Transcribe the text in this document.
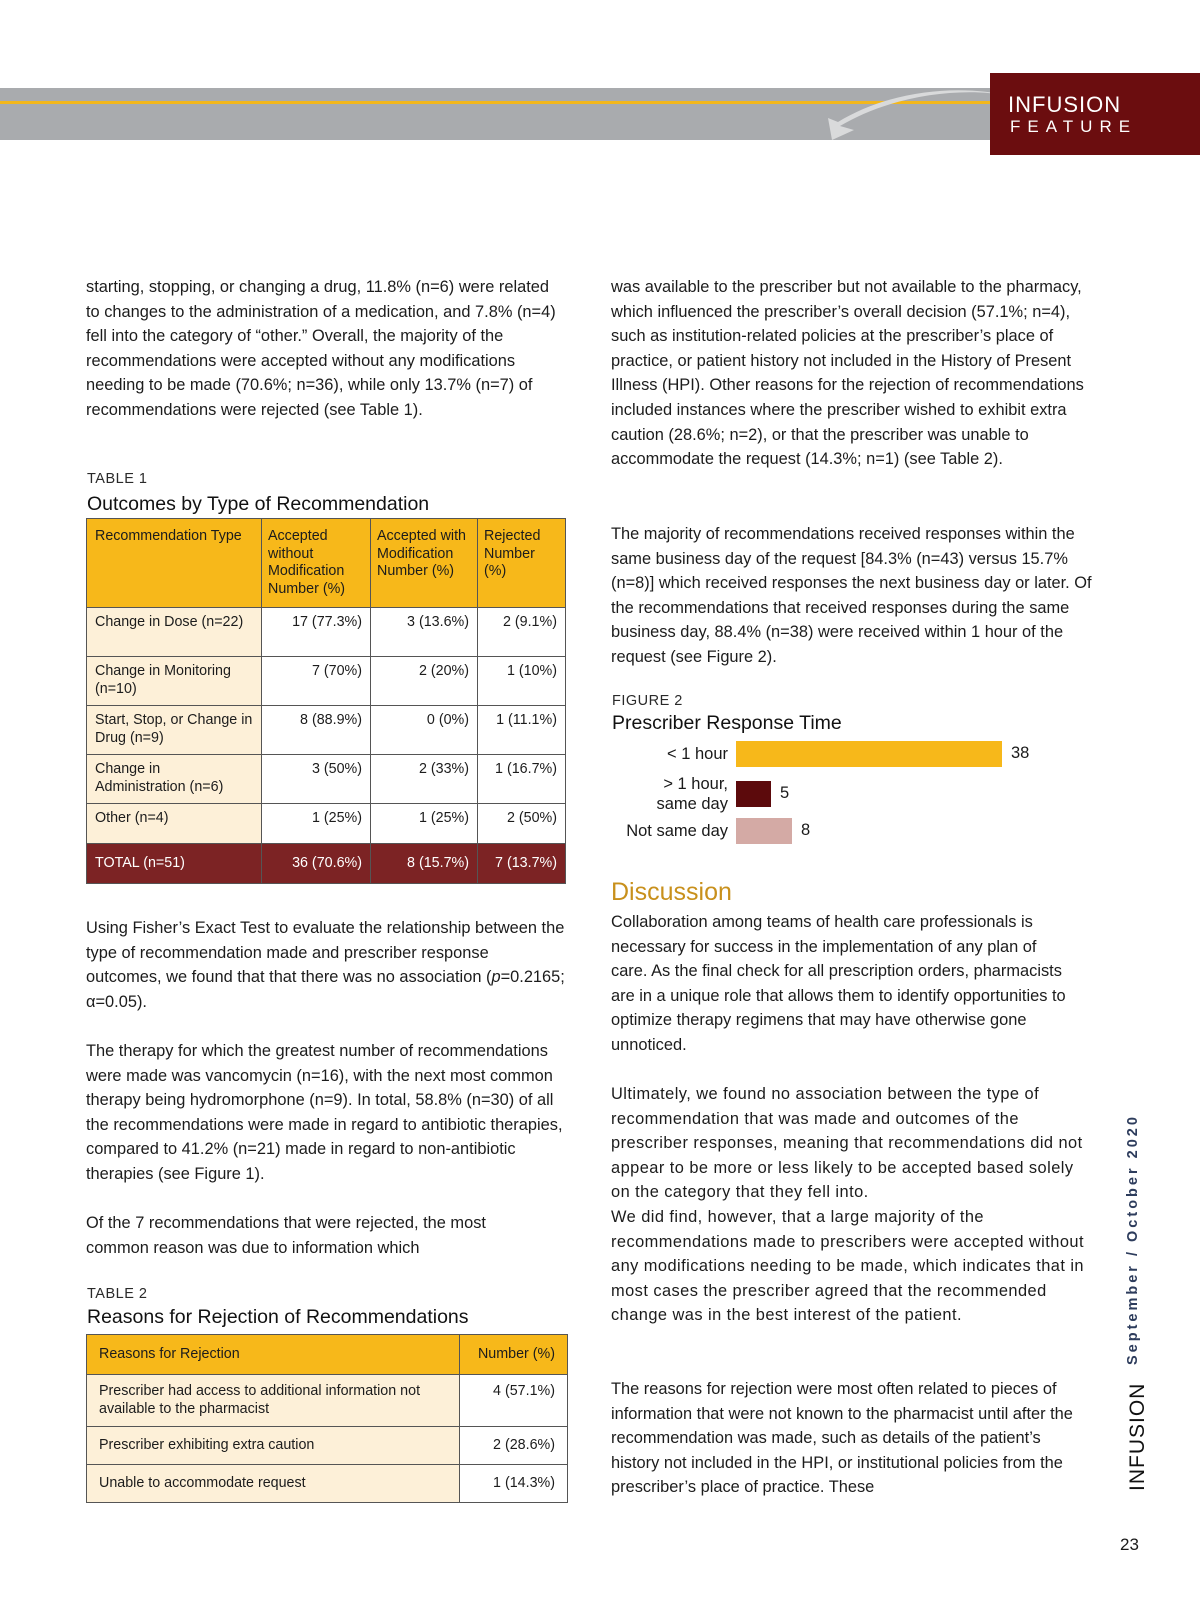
INFUSION
FEATURE

starting, stopping, or changing a drug, 11.8% (n=6) were related to changes to the administration of a medication, and 7.8% (n=4) fell into the category of “other.” Overall, the majority of the recommendations were accepted without any modifications needing to be made (70.6%; n=36), while only 13.7% (n=7) of recommendations were rejected (see Table 1).

TABLE 1
Outcomes by Type of Recommendation
Recommendation Type	Accepted without Modification Number (%)	Accepted with Modification Number (%)	Rejected Number (%)
Change in Dose (n=22)	17 (77.3%)	3 (13.6%)	2 (9.1%)
Change in Monitoring (n=10)	7 (70%)	2 (20%)	1 (10%)
Start, Stop, or Change in Drug (n=9)	8 (88.9%)	0 (0%)	1 (11.1%)
Change in Administration (n=6)	3 (50%)	2 (33%)	1 (16.7%)
Other (n=4)	1 (25%)	1 (25%)	2 (50%)
TOTAL (n=51)	36 (70.6%)	8 (15.7%)	7 (13.7%)

Using Fisher’s Exact Test to evaluate the relationship between the type of recommendation made and prescriber response outcomes, we found that that there was no association (p=0.2165; α=0.05).

The therapy for which the greatest number of recommendations were made was vancomycin (n=16), with the next most common therapy being hydromorphone (n=9). In total, 58.8% (n=30) of all the recommendations were made in regard to antibiotic therapies, compared to 41.2% (n=21) made in regard to non-antibiotic therapies (see Figure 1).

Of the 7 recommendations that were rejected, the most common reason was due to information which

TABLE 2
Reasons for Rejection of Recommendations
Reasons for Rejection	Number (%)
Prescriber had access to additional information not available to the pharmacist	4 (57.1%)
Prescriber exhibiting extra caution	2 (28.6%)
Unable to accommodate request	1 (14.3%)

was available to the prescriber but not available to the pharmacy, which influenced the prescriber’s overall decision (57.1%; n=4), such as institution-related policies at the prescriber’s place of practice, or patient history not included in the History of Present Illness (HPI). Other reasons for the rejection of recommendations included instances where the prescriber wished to exhibit extra caution (28.6%; n=2), or that the prescriber was unable to accommodate the request (14.3%; n=1) (see Table 2).

The majority of recommendations received responses within the same business day of the request [84.3% (n=43) versus 15.7% (n=8)] which received responses the next business day or later. Of the recommendations that received responses during the same business day, 88.4% (n=38) were received within 1 hour of the request (see Figure 2).

FIGURE 2
Prescriber Response Time
< 1 hour	38
> 1 hour,
same day
5
Not same day	8
Discussion

Collaboration among teams of health care professionals is necessary for success in the implementation of any plan of care. As the final check for all prescription orders, pharmacists are in a unique role that allows them to identify opportunities to optimize therapy regimens that may have otherwise gone unnoticed.

Ultimately, we found no association between the type of recommendation that was made and outcomes of the prescriber responses, meaning that recommendations did not appear to be more or less likely to be accepted based solely on the category that they fell into.

We did find, however, that a large majority of the recommendations made to prescribers were accepted without any modifications needing to be made, which indicates that in most cases the prescriber agreed that the recommended change was in the best interest of the patient.

The reasons for rejection were most often related to pieces of information that were not known to the pharmacist until after the recommendation was made, such as details of the patient’s history not included in the HPI, or institutional policies from the prescriber’s place of practice. These

September / October 2020
INFUSION
23
